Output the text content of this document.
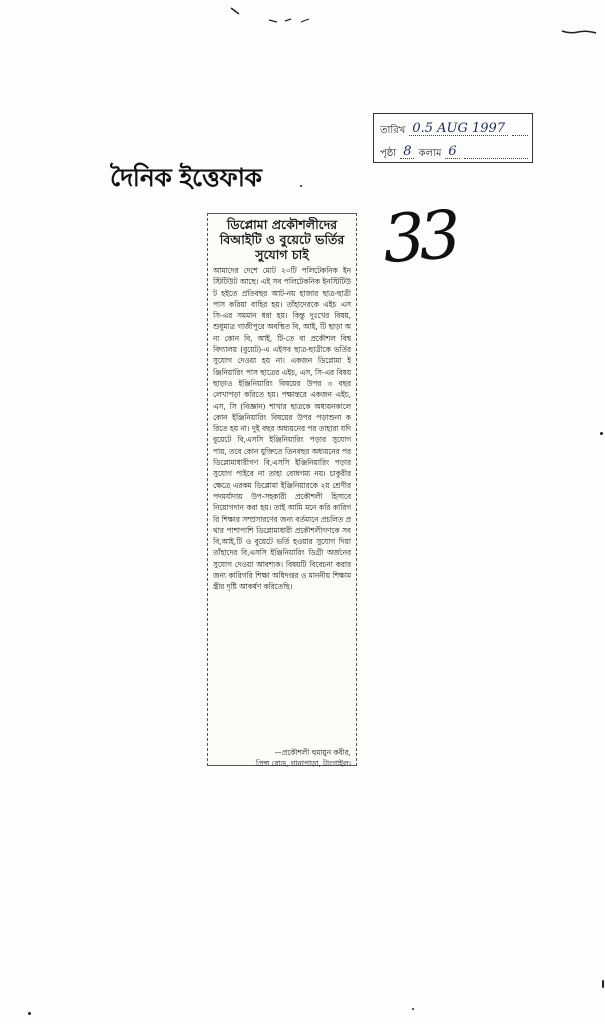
তারিখ 0.5 AUG 1997
পৃষ্ঠা 8 কলাম 6
দৈনিক ইত্তেফাক
33
ডিপ্লোমা প্রকৌশলীদের
বিআইটি ও বুয়েটে ভর্তির
সুযোগ চাই
আমাদের দেশে মোট ২০টি পলিটেকনিক ইনস্টিটিউট আছে। এই সব পলিটেকনিক ইনস্টিটিউট হইতে প্রতিবছর আট-নয় হাজার ছাত্র-ছাত্রী পাস করিয়া বাহির হয়। তাঁহাদেরকে এইচ এস সি-এর সমমান ধরা হয়। কিন্তু দুঃখের বিষয়, শুধুমাত্র গাজীপুরে অবস্থিত বি, আই, টি ছাড়া অন্য কোন বি, আই, টি-তে বা প্রকৌশল বিশ্ববিদ্যালয় (বুয়েট)-এ এইসব ছাত্র-ছাত্রীকে ভর্তির সুযোগ দেওয়া হয় না। একজন ডিপ্লোমা ইঞ্জিনিয়ারিং পাস ছাত্রের এইচ, এস, সি-এর বিষয় ছাড়াও ইঞ্জিনিয়ারিং বিষয়ের উপর ৩ বছর লেখাপড়া করিতে হয়। পক্ষান্তরে একজন এইচ, এস, সি (বিজ্ঞান) শাখার ছাত্রকে অধ্যয়নকালে কোন ইঞ্জিনিয়ারিং বিষয়ের উপর পড়াশুনা করিতে হয় না। দুই বছর অধ্যয়নের পর তাহারা যদি বুয়েটে বি,এসসি ইঞ্জিনিয়ারিং পড়ার সুযোগ পায়, তবে কোন যুক্তিতে তিনবছর অধ্যয়নের পর ডিপ্লোমাধারীগণ বি,এসসি ইঞ্জিনিয়ারিং পড়ার সুযোগ পাইবে না তাহা বোধগম্য নয়। চাকুরীর ক্ষেত্রে এরকম ডিপ্লোমা ইঞ্জিনিয়ারকে ২য় শ্রেণীর পদমর্যাদায় উপ-সহকারী প্রকৌশলী হিসাবে নিয়োগদান করা হয়। তাই আমি মনে করি কারিগরি শিক্ষার সম্প্রসারণের জন্য বর্তমানে প্রচলিত প্রথার পাশাপাশি ডিপ্লোমাধারী প্রকৌশলীগণকে সব বি,আই,টি ও বুয়েটে ভর্তি হওয়ার সুযোগ দিয়া তাঁহাদের বি,এসসি ইঞ্জিনিয়ারিং ডিগ্রী অর্জনের সুযোগ দেওয়া আবশ্যক। বিষয়টি বিবেচনা করার জন্য কারিগরি শিক্ষা অধিদপ্তর ও মাননীয় শিক্ষামন্ত্রীর দৃষ্টি আকর্ষণ করিতেছি।
—প্রকৌশলী হুমায়ুন কবীর,
প্রিন্স রোড, গানাপাড়া, টাংগাইল।
